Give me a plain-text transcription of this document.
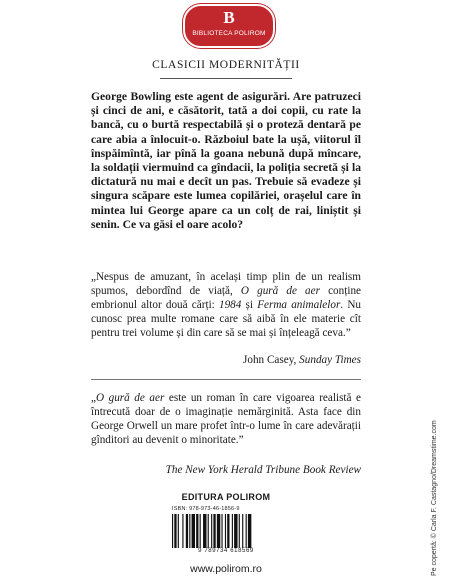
B
BIBLIOTECA POLIROM
CLASICII MODERNITĂȚII
George Bowling este agent de asigurări. Are patruzeci și cinci de ani, e căsătorit, tată a doi copii, cu rate la bancă, cu o burtă respectabilă și o proteză dentară pe care abia a înlocuit-o. Războiul bate la ușă, viitorul îl înspăimîntă, iar pînă la goana nebună după mîncare, la soldații viermuind ca gîndacii, la poliția secretă și la dictatură nu mai e decît un pas. Trebuie să evadeze și singura scăpare este lumea copilăriei, orașelul care în mintea lui George apare ca un colț de rai, liniștit și senin. Ce va găsi el oare acolo?
„Nespus de amuzant, în același timp plin de un realism spumos, debordînd de viață, O gură de aer conține embrionul altor două cărți: 1984 și Ferma animalelor. Nu cunosc prea multe romane care să aibă în ele materie cît pentru trei volume și din care să se mai și înțeleagă ceva.”
John Casey, Sunday Times
„O gură de aer este un roman în care vigoarea realistă e întrecută doar de o imaginație nemărginită. Asta face din George Orwell un mare profet într-o lume în care adevărații gînditori au devenit o minoritate.”
The New York Herald Tribune Book Review
EDITURA POLIROM
ISBN: 978-973-46-1856-9
9 789734 618569
www.polirom.ro	Pe copertă: © Carla F. Castagno/Dreamstime.com
